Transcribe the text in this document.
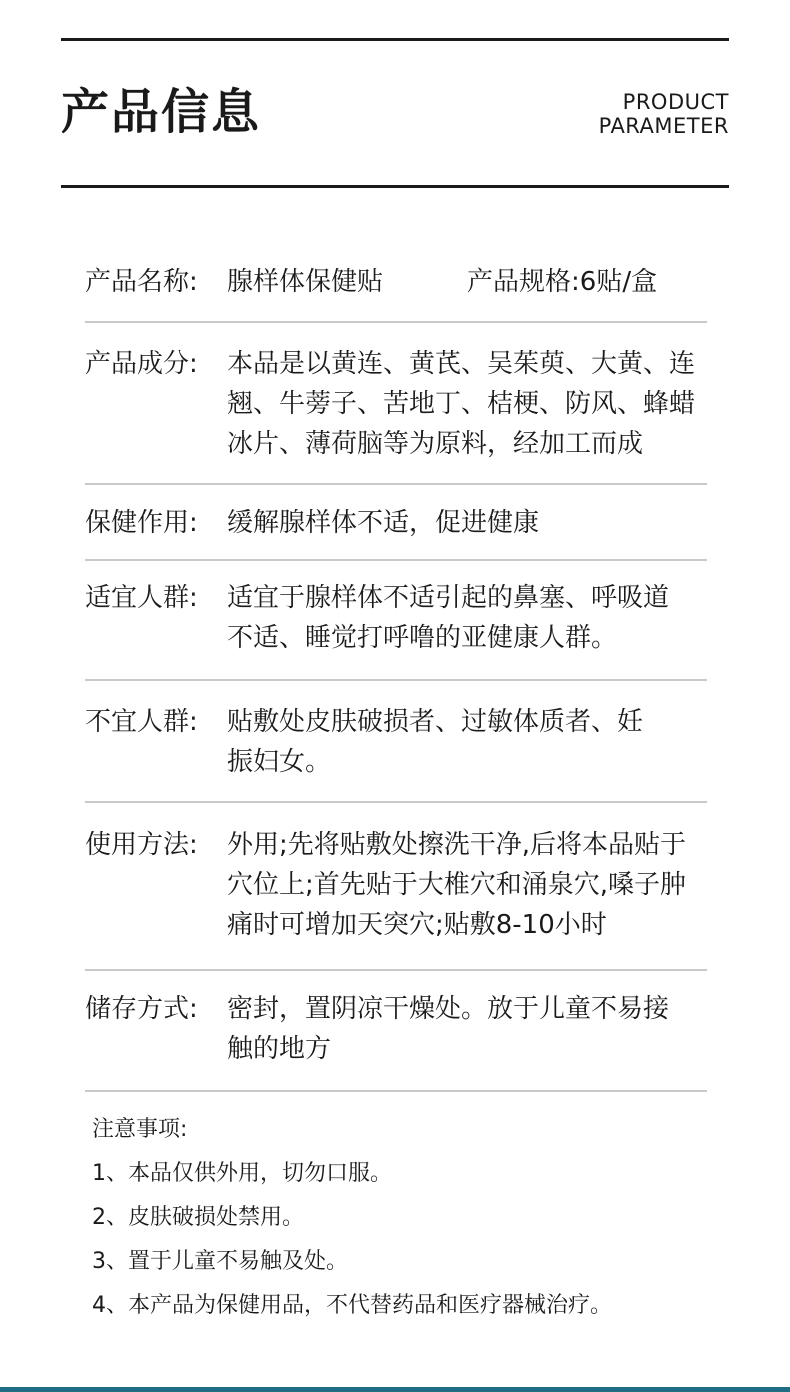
产品信息	PRODUCT
PARAMETER
产品名称:	腺样体保健贴	产品规格: 6贴/盒
产品成分:	本品是以黄连、黄芪、吴茱萸、大黄、连
翘、牛蒡子、苦地丁、桔梗、防风、蜂蜡
冰片、薄荷脑等为原料，经加工而成
保健作用:	缓解腺样体不适，促进健康
适宜人群:	适宜于腺样体不适引起的鼻塞、呼吸道
不适、睡觉打呼噜的亚健康人群。
不宜人群:	贴敷处皮肤破损者、过敏体质者、妊
振妇女。
使用方法:	外用;先将贴敷处擦洗干净,后将本品贴于
穴位上;首先贴于大椎穴和涌泉穴,嗓子肿
痛时可增加天突穴;贴敷8-10小时
储存方式:	密封，置阴凉干燥处。放于儿童不易接
触的地方
注意事项:
1、本品仅供外用，切勿口服。
2、皮肤破损处禁用。
3、置于儿童不易触及处。
4、本产品为保健用品，不代替药品和医疗器械治疗。
